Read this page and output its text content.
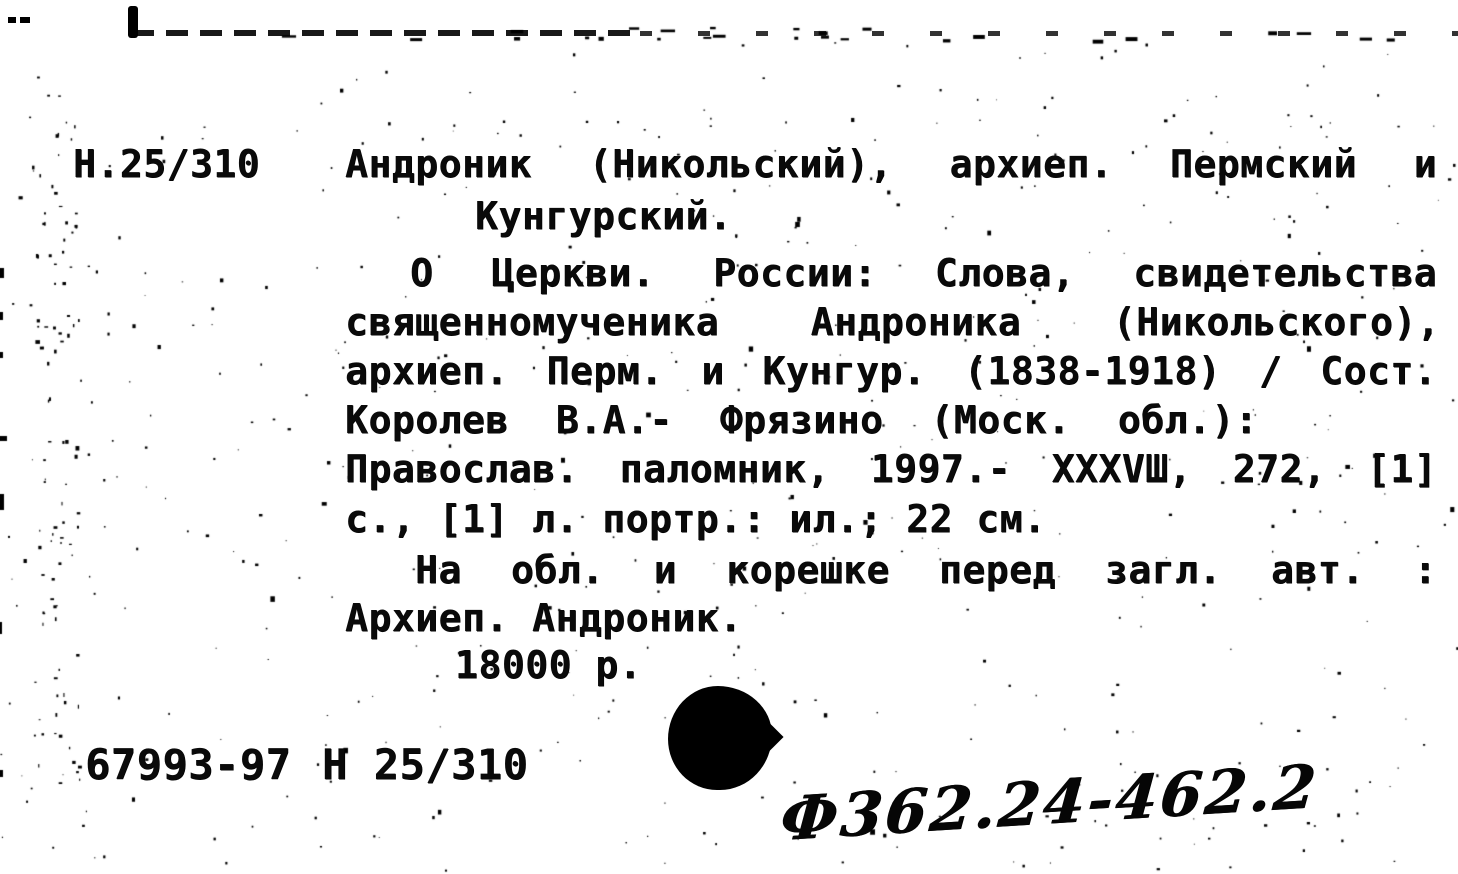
Н.25/310 Андроник (Никольский), архиеп. Пермский и
Кунгурский.
О Церкви. России: Слова, свидетельства
священномученика Андроника (Никольского),
архиеп. Перм. и Кунгур. (1838-1918) / Сост.
Королев В.А.- Фрязино (Моск. обл.):
Православ. паломник, 1997.- XXXVШ, 272, [1]
с., [1] л. портр.: ил.; 22 см.
На обл. и корешке перед загл. авт. :
Архиеп. Андроник.
18000 р.
67993-97 Н 25/310	Ф362.24-462.2
